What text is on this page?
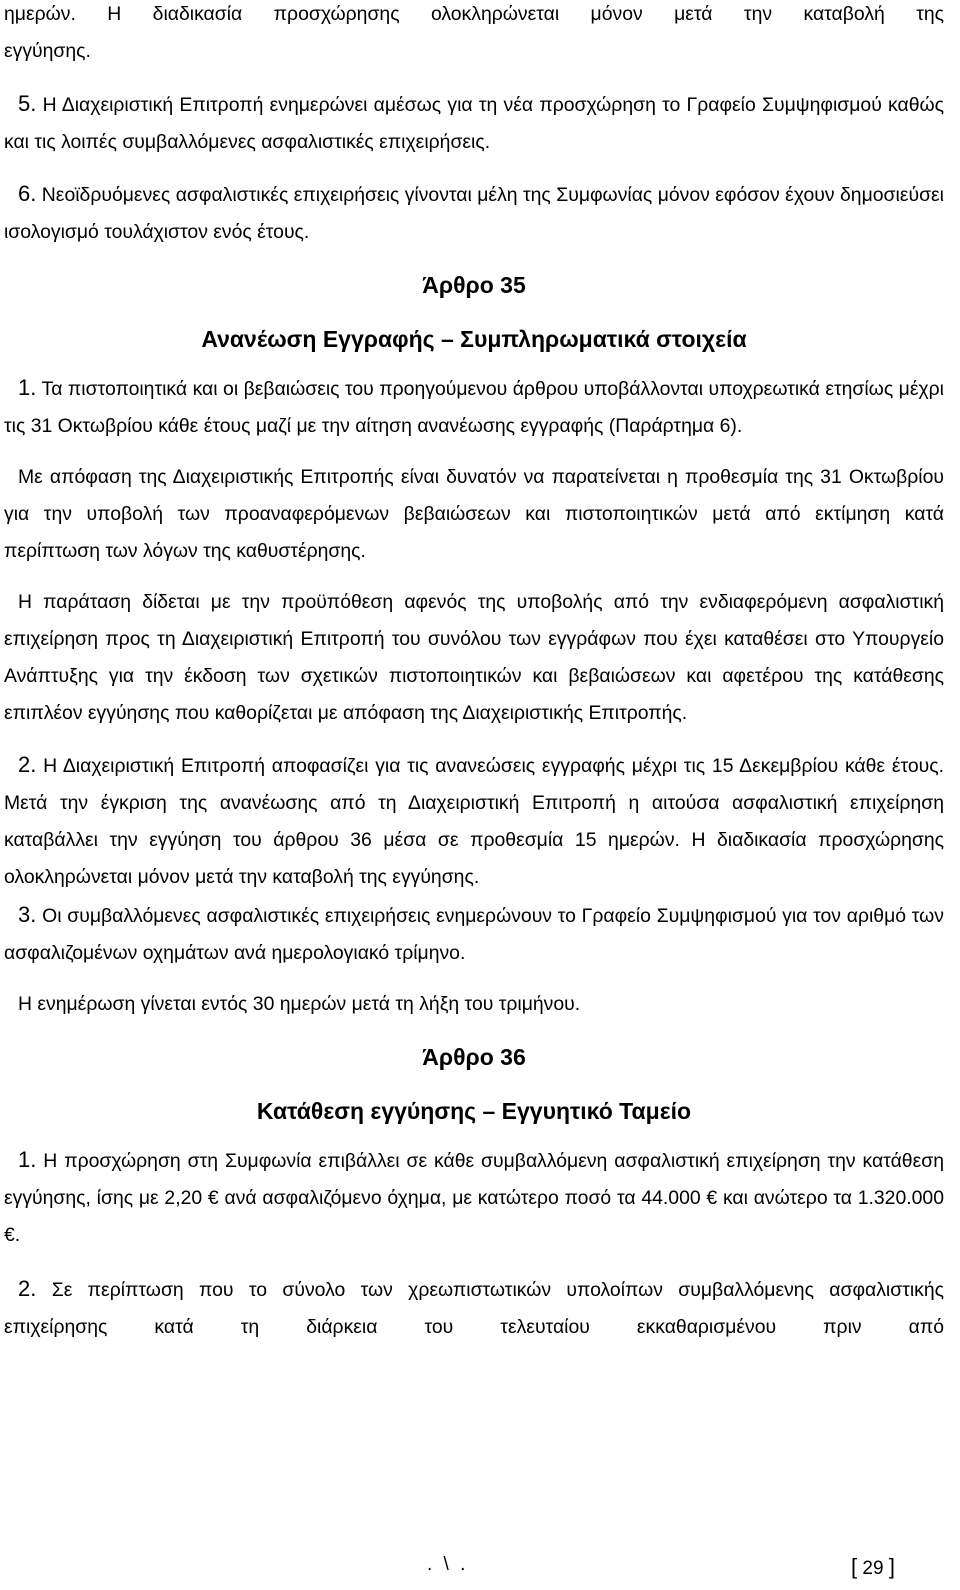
ημερών. Η διαδικασία προσχώρησης ολοκληρώνεται μόνον μετά την καταβολή της

εγγύησης.

5. Η Διαχειριστική Επιτροπή ενημερώνει αμέσως για τη νέα προσχώρηση το Γραφείο Συμψηφισμού καθώς και τις λοιπές συμβαλλόμενες ασφαλιστικές επιχειρήσεις.

6. Νεοϊδρυόμενες ασφαλιστικές επιχειρήσεις γίνονται μέλη της Συμφωνίας μόνον εφόσον έχουν δημοσιεύσει ισολογισμό τουλάχιστον ενός έτους.

Άρθρο 35
Ανανέωση Εγγραφής – Συμπληρωματικά στοιχεία

1. Τα πιστοποιητικά και οι βεβαιώσεις του προηγούμενου άρθρου υποβάλλονται υποχρεωτικά ετησίως μέχρι τις 31 Οκτωβρίου κάθε έτους μαζί με την αίτηση ανανέωσης εγγραφής (Παράρτημα 6).

Με απόφαση της Διαχειριστικής Επιτροπής είναι δυνατόν να παρατείνεται η προθεσμία της 31 Οκτωβρίου για την υποβολή των προαναφερόμενων βεβαιώσεων και πιστοποιητικών μετά από εκτίμηση κατά περίπτωση των λόγων της καθυστέρησης.

Η παράταση δίδεται με την προϋπόθεση αφενός της υποβολής από την ενδιαφερόμενη ασφαλιστική επιχείρηση προς τη Διαχειριστική Επιτροπή του συνόλου των εγγράφων που έχει καταθέσει στο Υπουργείο Ανάπτυξης για την έκδοση των σχετικών πιστοποιητικών και βεβαιώσεων και αφετέρου της κατάθεσης επιπλέον εγγύησης που καθορίζεται με απόφαση της Διαχειριστικής Επιτροπής.

2. Η Διαχειριστική Επιτροπή αποφασίζει για τις ανανεώσεις εγγραφής μέχρι τις 15 Δεκεμβρίου κάθε έτους. Μετά την έγκριση της ανανέωσης από τη Διαχειριστική Επιτροπή η αιτούσα ασφαλιστική επιχείρηση καταβάλλει την εγγύηση του άρθρου 36 μέσα σε προθεσμία 15 ημερών. Η διαδικασία προσχώρησης ολοκληρώνεται μόνον μετά την καταβολή της εγγύησης.

3. Οι συμβαλλόμενες ασφαλιστικές επιχειρήσεις ενημερώνουν το Γραφείο Συμψηφισμού για τον αριθμό των ασφαλιζομένων οχημάτων ανά ημερολογιακό τρίμηνο.

Η ενημέρωση γίνεται εντός 30 ημερών μετά τη λήξη του τριμήνου.

Άρθρο 36
Κατάθεση εγγύησης – Εγγυητικό Ταμείο

1. Η προσχώρηση στη Συμφωνία επιβάλλει σε κάθε συμβαλλόμενη ασφαλιστική επιχείρηση την κατάθεση εγγύησης, ίσης με 2,20 € ανά ασφαλιζόμενο όχημα, με κατώτερο ποσό τα 44.000 € και ανώτερο τα 1.320.000 €.

2. Σε περίπτωση που το σύνολο των χρεωπιστωτικών υπολοίπων συμβαλλόμενης ασφαλιστικής επιχείρησης κατά τη διάρκεια του τελευταίου εκκαθαρισμένου πριν από

. \ .	[ 29 ]
